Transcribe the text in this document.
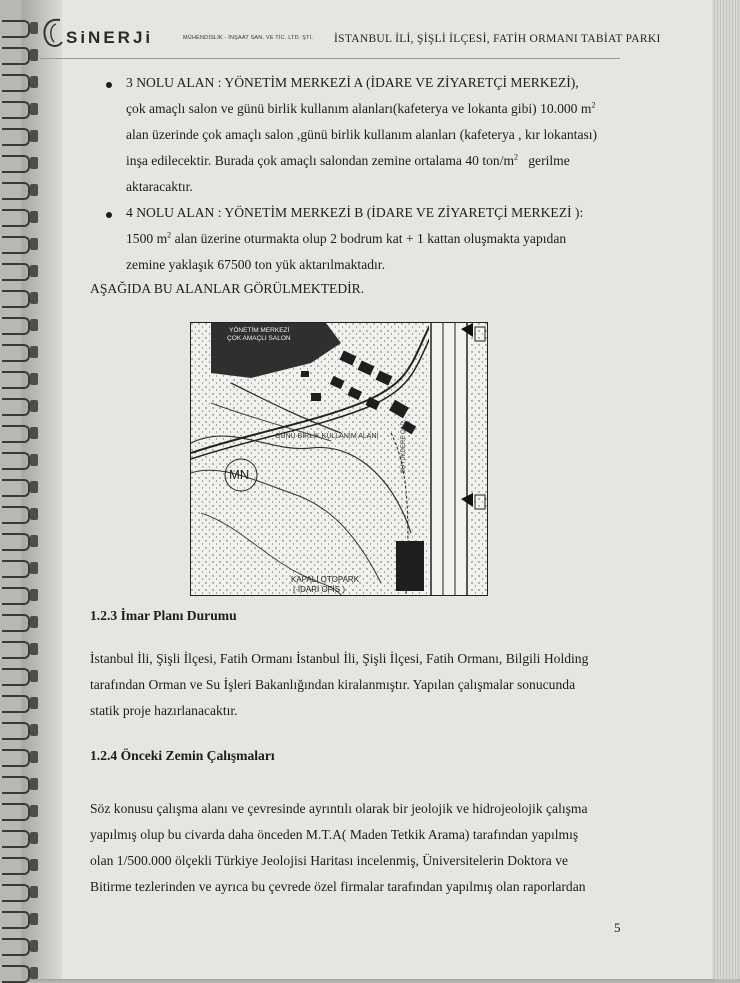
SiNERJi	MÜHENDİSLİK - İNŞAAT SAN. VE TİC. LTD. ŞTİ. İSTANBUL İLİ, ŞİŞLİ İLÇESİ, FATİH ORMANI TABİAT PARKI
3 NOLU ALAN : YÖNETİM MERKEZİ A (İDARE VE ZİYARETÇİ MERKEZİ),
çok amaçlı salon ve günü birlik kullanım alanları(kafeterya ve lokanta gibi) 10.000 $m^2$
alan üzerinde çok amaçlı salon ,günü birlik kullanım alanları (kafeterya , kır lokantası)
inşa edilecektir. Burada çok amaçlı salondan zemine ortalama 40 ton/$m^2$ gerilme
aktaracaktır.
4 NOLU ALAN : YÖNETİM MERKEZİ B (İDARE VE ZİYARETÇİ MERKEZİ ):
1500 $m^2$ alan üzerine oturmakta olup 2 bodrum kat + 1 kattan oluşmakta yapıdan
zemine yaklaşık 67500 ton yük aktarılmaktadır.
AŞAĞIDA BU ALANLAR GÖRÜLMEKTEDİR.
YÖNETİM MERKEZİ
ÇOK AMAÇLI SALON
GÜNÜ BİRLİK KULLANIM ALANI
MN
BÜYÜKDERE CAD.
KAPALI OTOPARK
( İDARİ OFİS )
1.2.3 İmar Planı Durumu
İstanbul İli, Şişli İlçesi, Fatih Ormanı İstanbul İli, Şişli İlçesi, Fatih Ormanı, Bilgili Holding
tarafından Orman ve Su İşleri Bakanlığından kiralanmıştır. Yapılan çalışmalar sonucunda
statik proje hazırlanacaktır.
1.2.4 Önceki Zemin Çalışmaları
Söz konusu çalışma alanı ve çevresinde ayrıntılı olarak bir jeolojik ve hidrojeolojik çalışma
yapılmış olup bu civarda daha önceden M.T.A( Maden Tetkik Arama) tarafından yapılmış
olan 1/500.000 ölçekli Türkiye Jeolojisi Haritası incelenmiş, Üniversitelerin Doktora ve
Bitirme tezlerinden ve ayrıca bu çevrede özel firmalar tarafından yapılmış olan raporlardan
5
